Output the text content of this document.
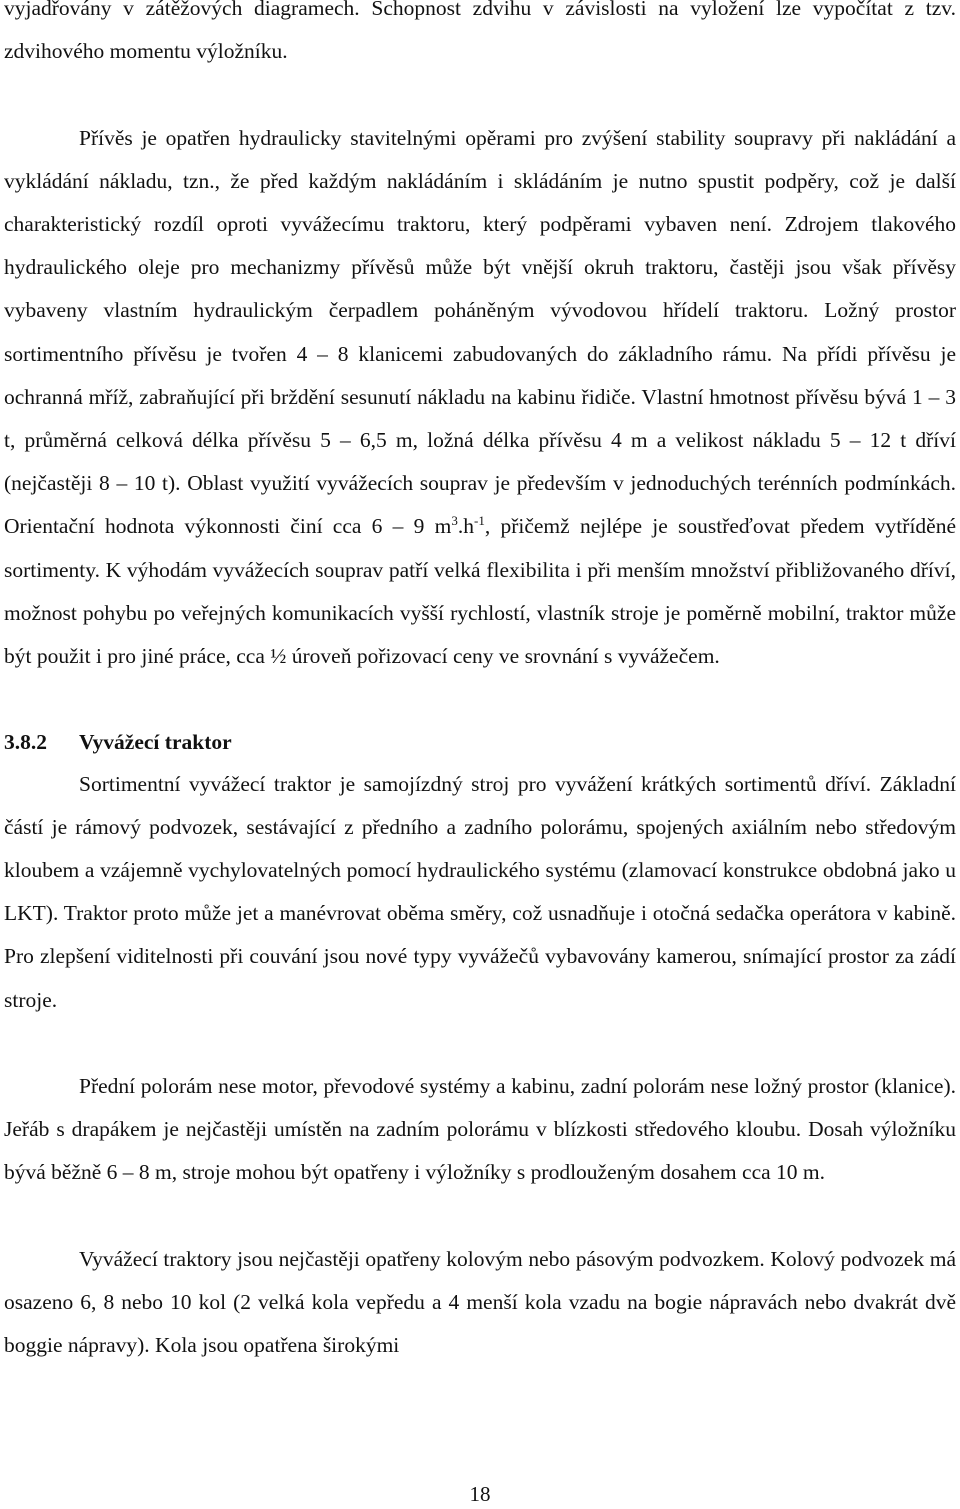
vyjadřovány v zátěžových diagramech. Schopnost zdvihu v závislosti na vyložení lze vypočítat z tzv. zdvihového momentu výložníku.

Přívěs je opatřen hydraulicky stavitelnými opěrami pro zvýšení stability soupravy při nakládání a vykládání nákladu, tzn., že před každým nakládáním i skládáním je nutno spustit podpěry, což je další charakteristický rozdíl oproti vyvážecímu traktoru, který podpěrami vybaven není. Zdrojem tlakového hydraulického oleje pro mechanizmy přívěsů může být vnější okruh traktoru, častěji jsou však přívěsy vybaveny vlastním hydraulickým čerpadlem poháněným vývodovou hřídelí traktoru. Ložný prostor sortimentního přívěsu je tvořen 4 – 8 klanicemi zabudovaných do základního rámu. Na přídi přívěsu je ochranná mříž, zabraňující při brždění sesunutí nákladu na kabinu řidiče. Vlastní hmotnost přívěsu bývá 1 – 3 t, průměrná celková délka přívěsu 5 – 6,5 m, ložná délka přívěsu 4 m a velikost nákladu 5 – 12 t dříví (nejčastěji 8 – 10 t). Oblast využití vyvážecích souprav je především v jednoduchých terénních podmínkách. Orientační hodnota výkonnosti činí cca 6 – 9 $m^3.h^{-1}$, přičemž nejlépe je soustřeďovat předem vytříděné sortimenty. K výhodám vyvážecích souprav patří velká flexibilita i při menším množství přibližovaného dříví, možnost pohybu po veřejných komunikacích vyšší rychlostí, vlastník stroje je poměrně mobilní, traktor může být použit i pro jiné práce, cca ½ úroveň pořizovací ceny ve srovnání s vyvážečem.

3.8.2	Vyvážecí traktor

Sortimentní vyvážecí traktor je samojízdný stroj pro vyvážení krátkých sortimentů dříví. Základní částí je rámový podvozek, sestávající z předního a zadního polorámu, spojených axiálním nebo středovým kloubem a vzájemně vychylovatelných pomocí hydraulického systému (zlamovací konstrukce obdobná jako u LKT). Traktor proto může jet a manévrovat oběma směry, což usnadňuje i otočná sedačka operátora v kabině. Pro zlepšení viditelnosti při couvání jsou nové typy vyvážečů vybavovány kamerou, snímající prostor za zádí stroje.

Přední polorám nese motor, převodové systémy a kabinu, zadní polorám nese ložný prostor (klanice). Jeřáb s drapákem je nejčastěji umístěn na zadním polorámu v blízkosti středového kloubu. Dosah výložníku bývá běžně 6 – 8 m, stroje mohou být opatřeny i výložníky s prodlouženým dosahem cca 10 m.

Vyvážecí traktory jsou nejčastěji opatřeny kolovým nebo pásovým podvozkem. Kolový podvozek má osazeno 6, 8 nebo 10 kol (2 velká kola vepředu a 4 menší kola vzadu na bogie nápravách nebo dvakrát dvě boggie nápravy). Kola jsou opatřena širokými

18
